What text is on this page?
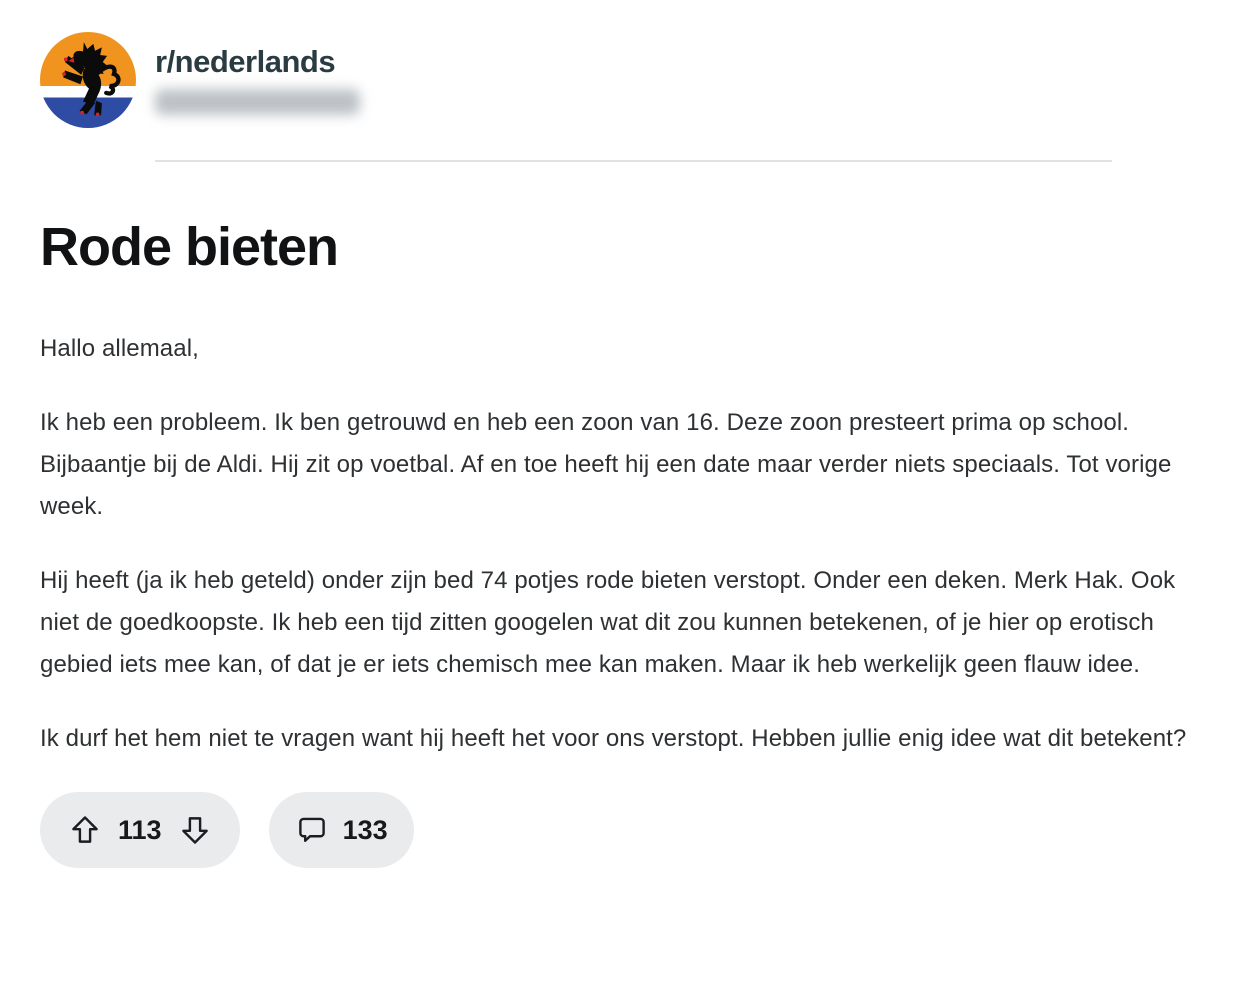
r/nederlands
Rode bieten

Hallo allemaal,

Ik heb een probleem. Ik ben getrouwd en heb een zoon van 16. Deze zoon presteert prima op school. Bijbaantje bij de Aldi. Hij zit op voetbal. Af en toe heeft hij een date maar verder niets speciaals. Tot vorige week.

Hij heeft (ja ik heb geteld) onder zijn bed 74 potjes rode bieten verstopt. Onder een deken. Merk Hak. Ook niet de goedkoopste. Ik heb een tijd zitten googelen wat dit zou kunnen betekenen, of je hier op erotisch gebied iets mee kan, of dat je er iets chemisch mee kan maken. Maar ik heb werkelijk geen flauw idee.

Ik durf het hem niet te vragen want hij heeft het voor ons verstopt. Hebben jullie enig idee wat dit betekent?

113	133
